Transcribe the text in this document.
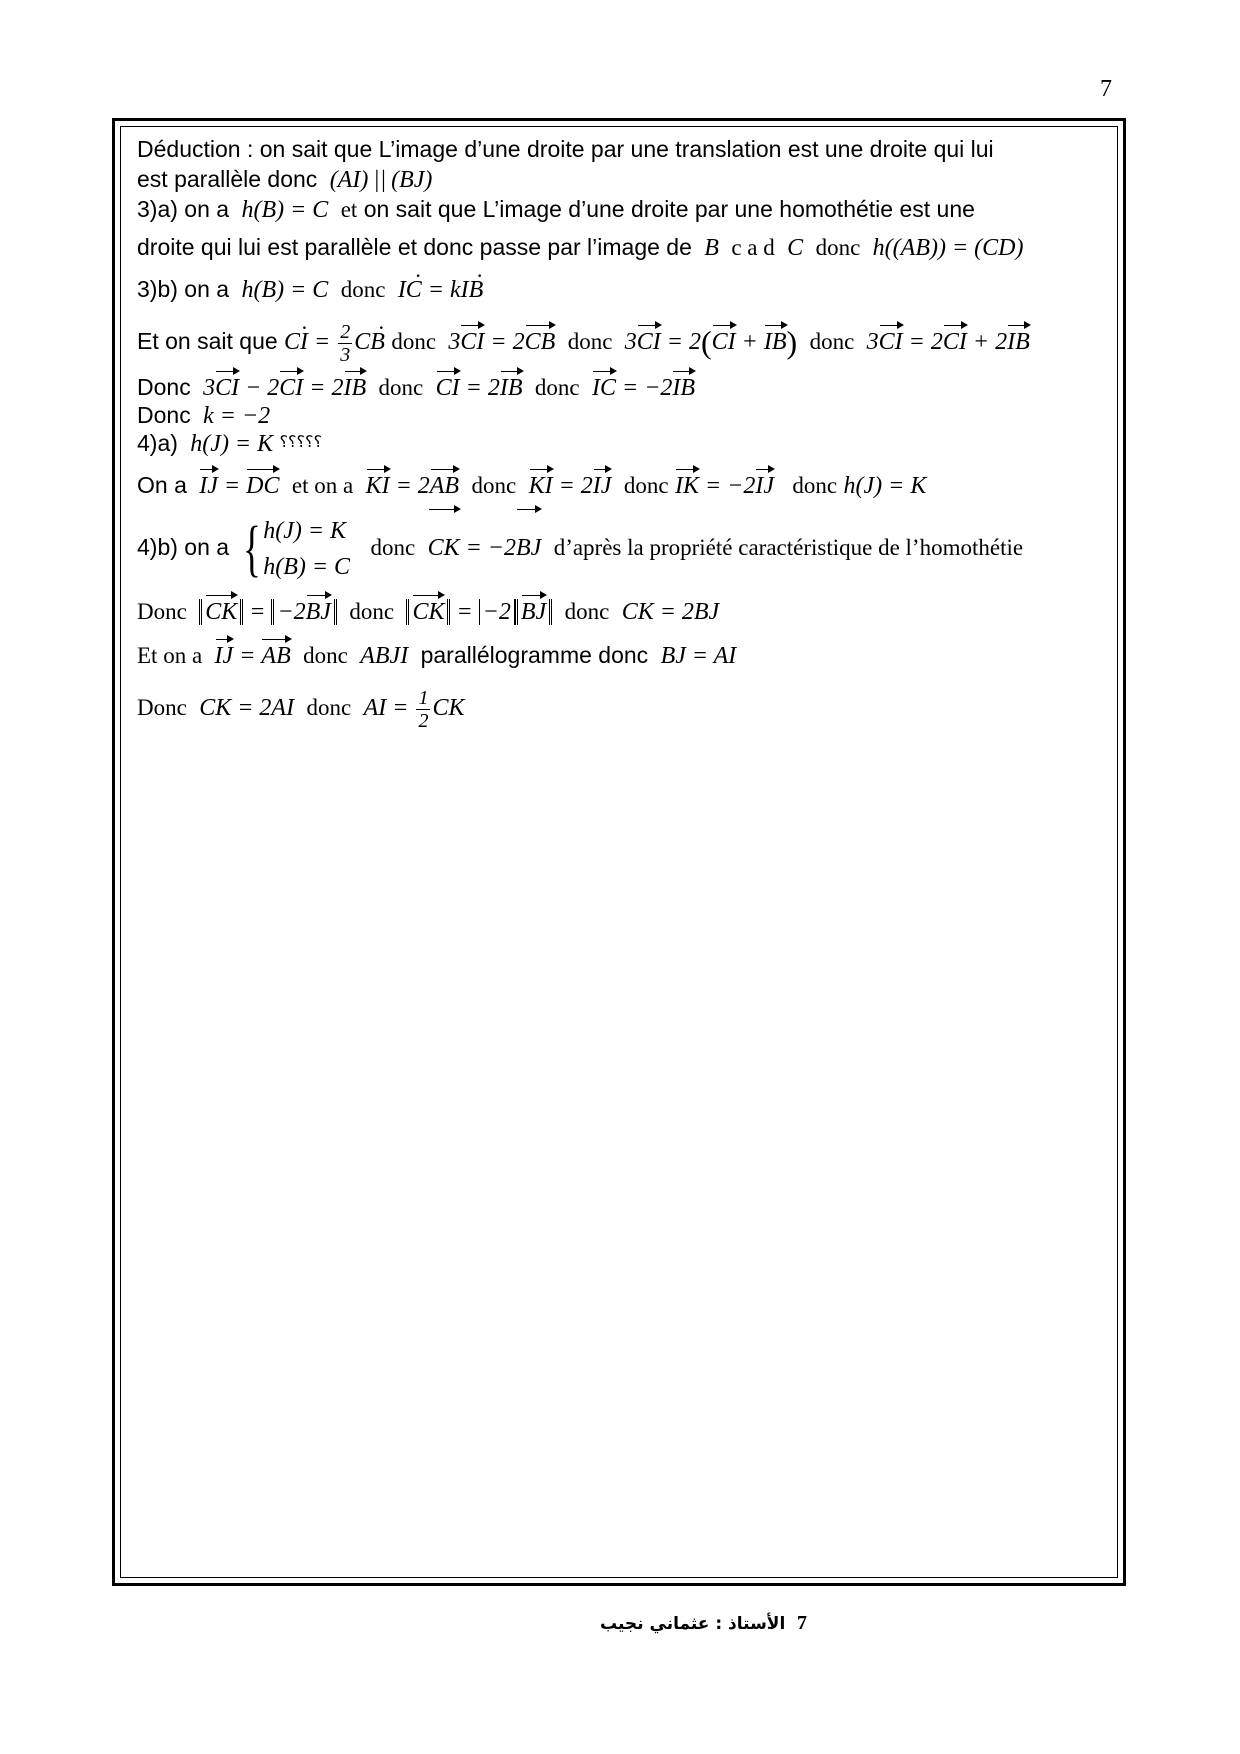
7
Déduction : on sait que L’image d’une droite par une translation est une droite qui lui
est parallèle donc  (AI) || (BJ)
3)a) on a  h(B) = C  et on sait que L’image d’une droite par une homothétie est une
droite qui lui est parallèle et donc passe par l’image de  B  c a d  C  donc  h((AB)) = (CD)
3)b) on a  h(B) = C  donc IC · = kIB ·
Et on sait que CI · = $\frac{2}{3}$ CB · donc  3CI = 2CB donc  3CI = 2(CI + IB) donc  3CI = 2CI + 2IB
Donc  3CI − 2CI = 2IB donc CI = 2IB donc IC = −2IB
Donc  k = −2
4)a)  h(J) = K ؟؟؟؟؟
On a IJ = DC et on a KI = 2AB donc KI = 2IJ donc IK = −2IJ donc h(J) = K
4)b) on a {h(J) = K
h(B) = C donc CK = −2BJ d’après la propriété caractéristique de l’homothétie
Donc CK = −2BJ donc CK = −2 BJ donc  CK = 2BJ
Et on a IJ = AB donc  ABJI  parallélogramme donc  BJ = AI
Donc  CK = 2AI  donc  AI = $\frac{1}{2}$ CK
الأستاذ : عثماني نجيب 7
